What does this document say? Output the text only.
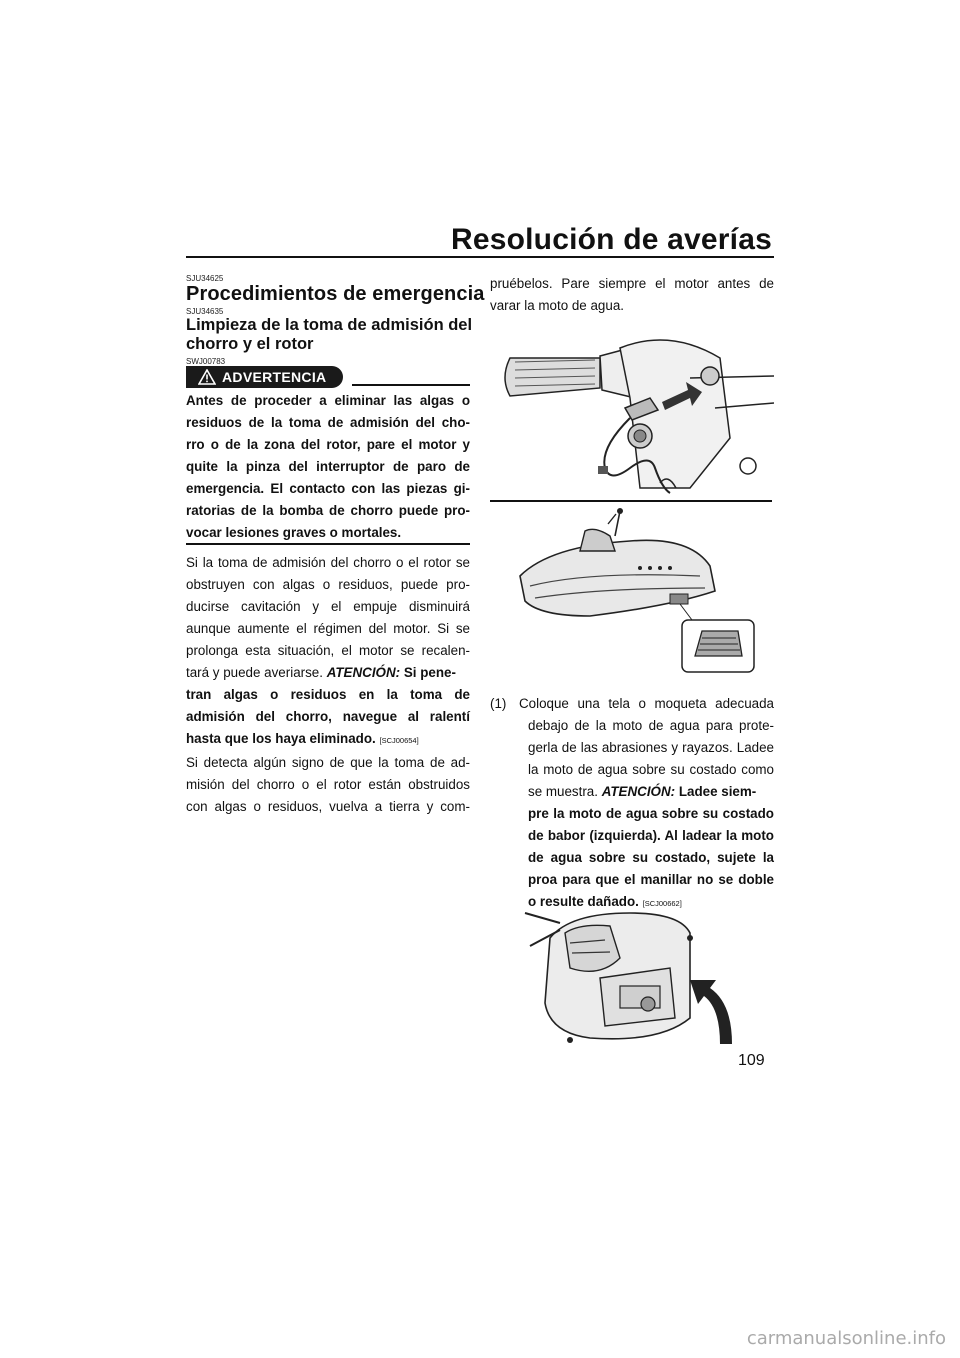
Resolución de averías
SJU34625
Procedimientos de emergencia
SJU34635
Limpieza de la toma de admisión del
chorro y el rotor
SWJ00783
ADVERTENCIA
Antes de proceder a eliminar las algas o
residuos de la toma de admisión del cho-
rro o de la zona del rotor, pare el motor y
quite la pinza del interruptor de paro de
emergencia. El contacto con las piezas gi-
ratorias de la bomba de chorro puede pro-
vocar lesiones graves o mortales.
Si la toma de admisión del chorro o el rotor se
obstruyen con algas o residuos, puede pro-
ducirse cavitación y el empuje disminuirá
aunque aumente el régimen del motor. Si se
prolonga esta situación, el motor se recalen-
tará y puede averiarse. ATENCIÓN: Si pene-
tran algas o residuos en la toma de
admisión del chorro, navegue al ralentí
hasta que los haya eliminado. [SCJ00654]
Si detecta algún signo de que la toma de ad-
misión del chorro o el rotor están obstruidos
con algas o residuos, vuelva a tierra y com-
pruébelos. Pare siempre el motor antes de
varar la moto de agua.
(1) Coloque una tela o moqueta adecuada
debajo de la moto de agua para prote-
gerla de las abrasiones y rayazos. Ladee
la moto de agua sobre su costado como
se muestra. ATENCIÓN: Ladee siem-
pre la moto de agua sobre su costado
de babor (izquierda). Al ladear la moto
de agua sobre su costado, sujete la
proa para que el manillar no se doble
o resulte dañado. [SCJ00662]
109
carmanualsonline.info
